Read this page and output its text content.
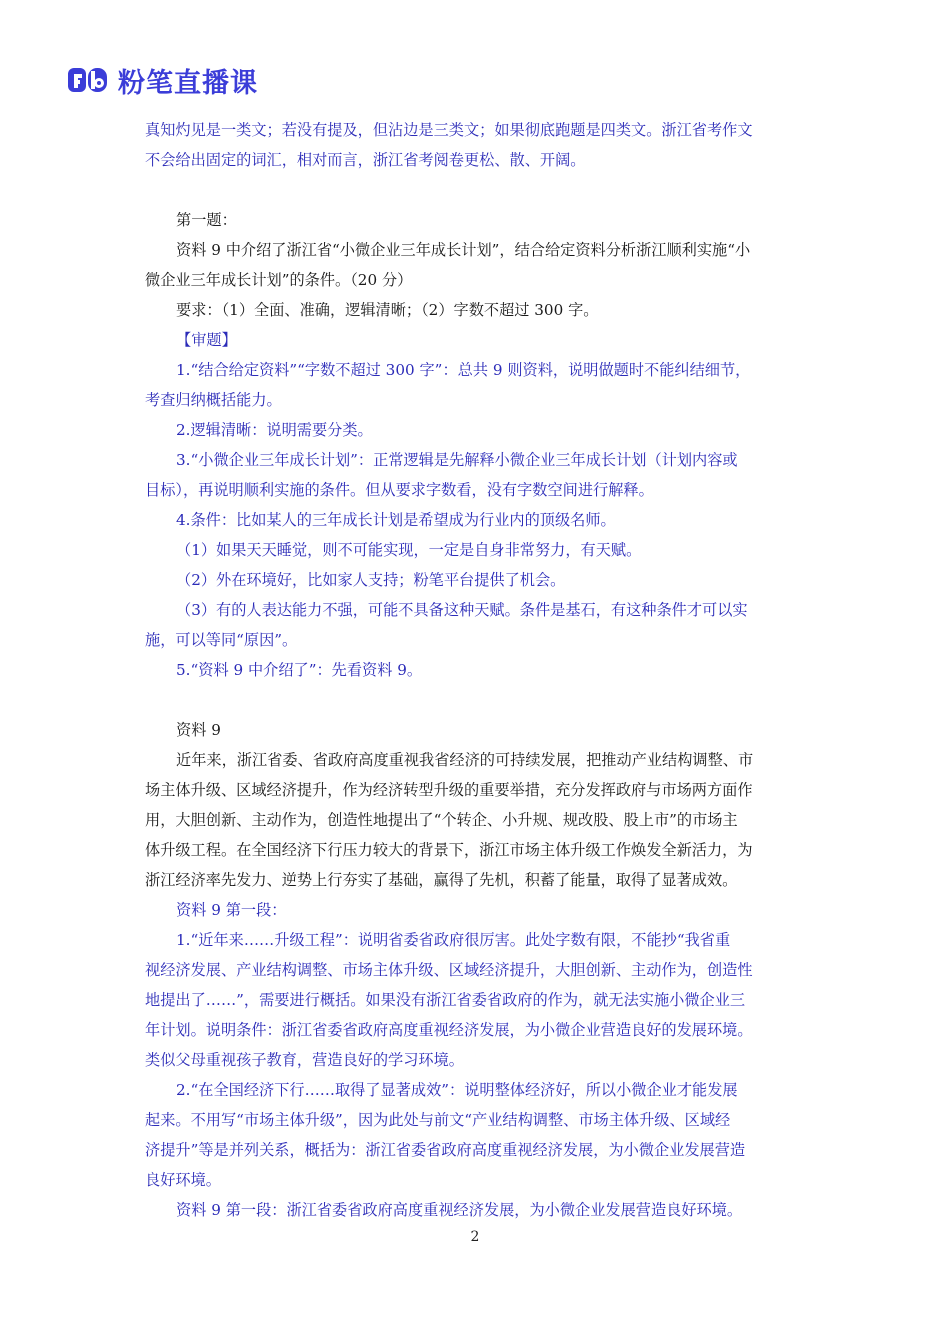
粉笔直播课
真知灼见是一类文；若没有提及，但沾边是三类文；如果彻底跑题是四类文。浙江省考作文
不会给出固定的词汇，相对而言，浙江省考阅卷更松、散、开阔。
第一题：
资料 9 中介绍了浙江省“小微企业三年成长计划”，结合给定资料分析浙江顺利实施“小
微企业三年成长计划”的条件。（20 分）
要求：（1）全面、准确，逻辑清晰；（2）字数不超过 300 字。
【审题】
1.“结合给定资料”“字数不超过 300 字”：总共 9 则资料，说明做题时不能纠结细节，
考查归纳概括能力。
2.逻辑清晰：说明需要分类。
3.“小微企业三年成长计划”：正常逻辑是先解释小微企业三年成长计划（计划内容或
目标），再说明顺利实施的条件。但从要求字数看，没有字数空间进行解释。
4.条件：比如某人的三年成长计划是希望成为行业内的顶级名师。
（1）如果天天睡觉，则不可能实现，一定是自身非常努力，有天赋。
（2）外在环境好，比如家人支持；粉笔平台提供了机会。
（3）有的人表达能力不强，可能不具备这种天赋。条件是基石，有这种条件才可以实
施，可以等同“原因”。
5.“资料 9 中介绍了”：先看资料 9。
资料 9
近年来，浙江省委、省政府高度重视我省经济的可持续发展，把推动产业结构调整、市
场主体升级、区域经济提升，作为经济转型升级的重要举措，充分发挥政府与市场两方面作
用，大胆创新、主动作为，创造性地提出了“个转企、小升规、规改股、股上市”的市场主
体升级工程。在全国经济下行压力较大的背景下，浙江市场主体升级工作焕发全新活力，为
浙江经济率先发力、逆势上行夯实了基础，赢得了先机，积蓄了能量，取得了显著成效。
资料 9 第一段：
1.“近年来……升级工程”：说明省委省政府很厉害。此处字数有限，不能抄“我省重
视经济发展、产业结构调整、市场主体升级、区域经济提升，大胆创新、主动作为，创造性
地提出了……”，需要进行概括。如果没有浙江省委省政府的作为，就无法实施小微企业三
年计划。说明条件：浙江省委省政府高度重视经济发展，为小微企业营造良好的发展环境。
类似父母重视孩子教育，营造良好的学习环境。
2.“在全国经济下行……取得了显著成效”：说明整体经济好，所以小微企业才能发展
起来。不用写“市场主体升级”，因为此处与前文“产业结构调整、市场主体升级、区域经
济提升”等是并列关系，概括为：浙江省委省政府高度重视经济发展，为小微企业发展营造
良好环境。
资料 9 第一段：浙江省委省政府高度重视经济发展，为小微企业发展营造良好环境。
2
